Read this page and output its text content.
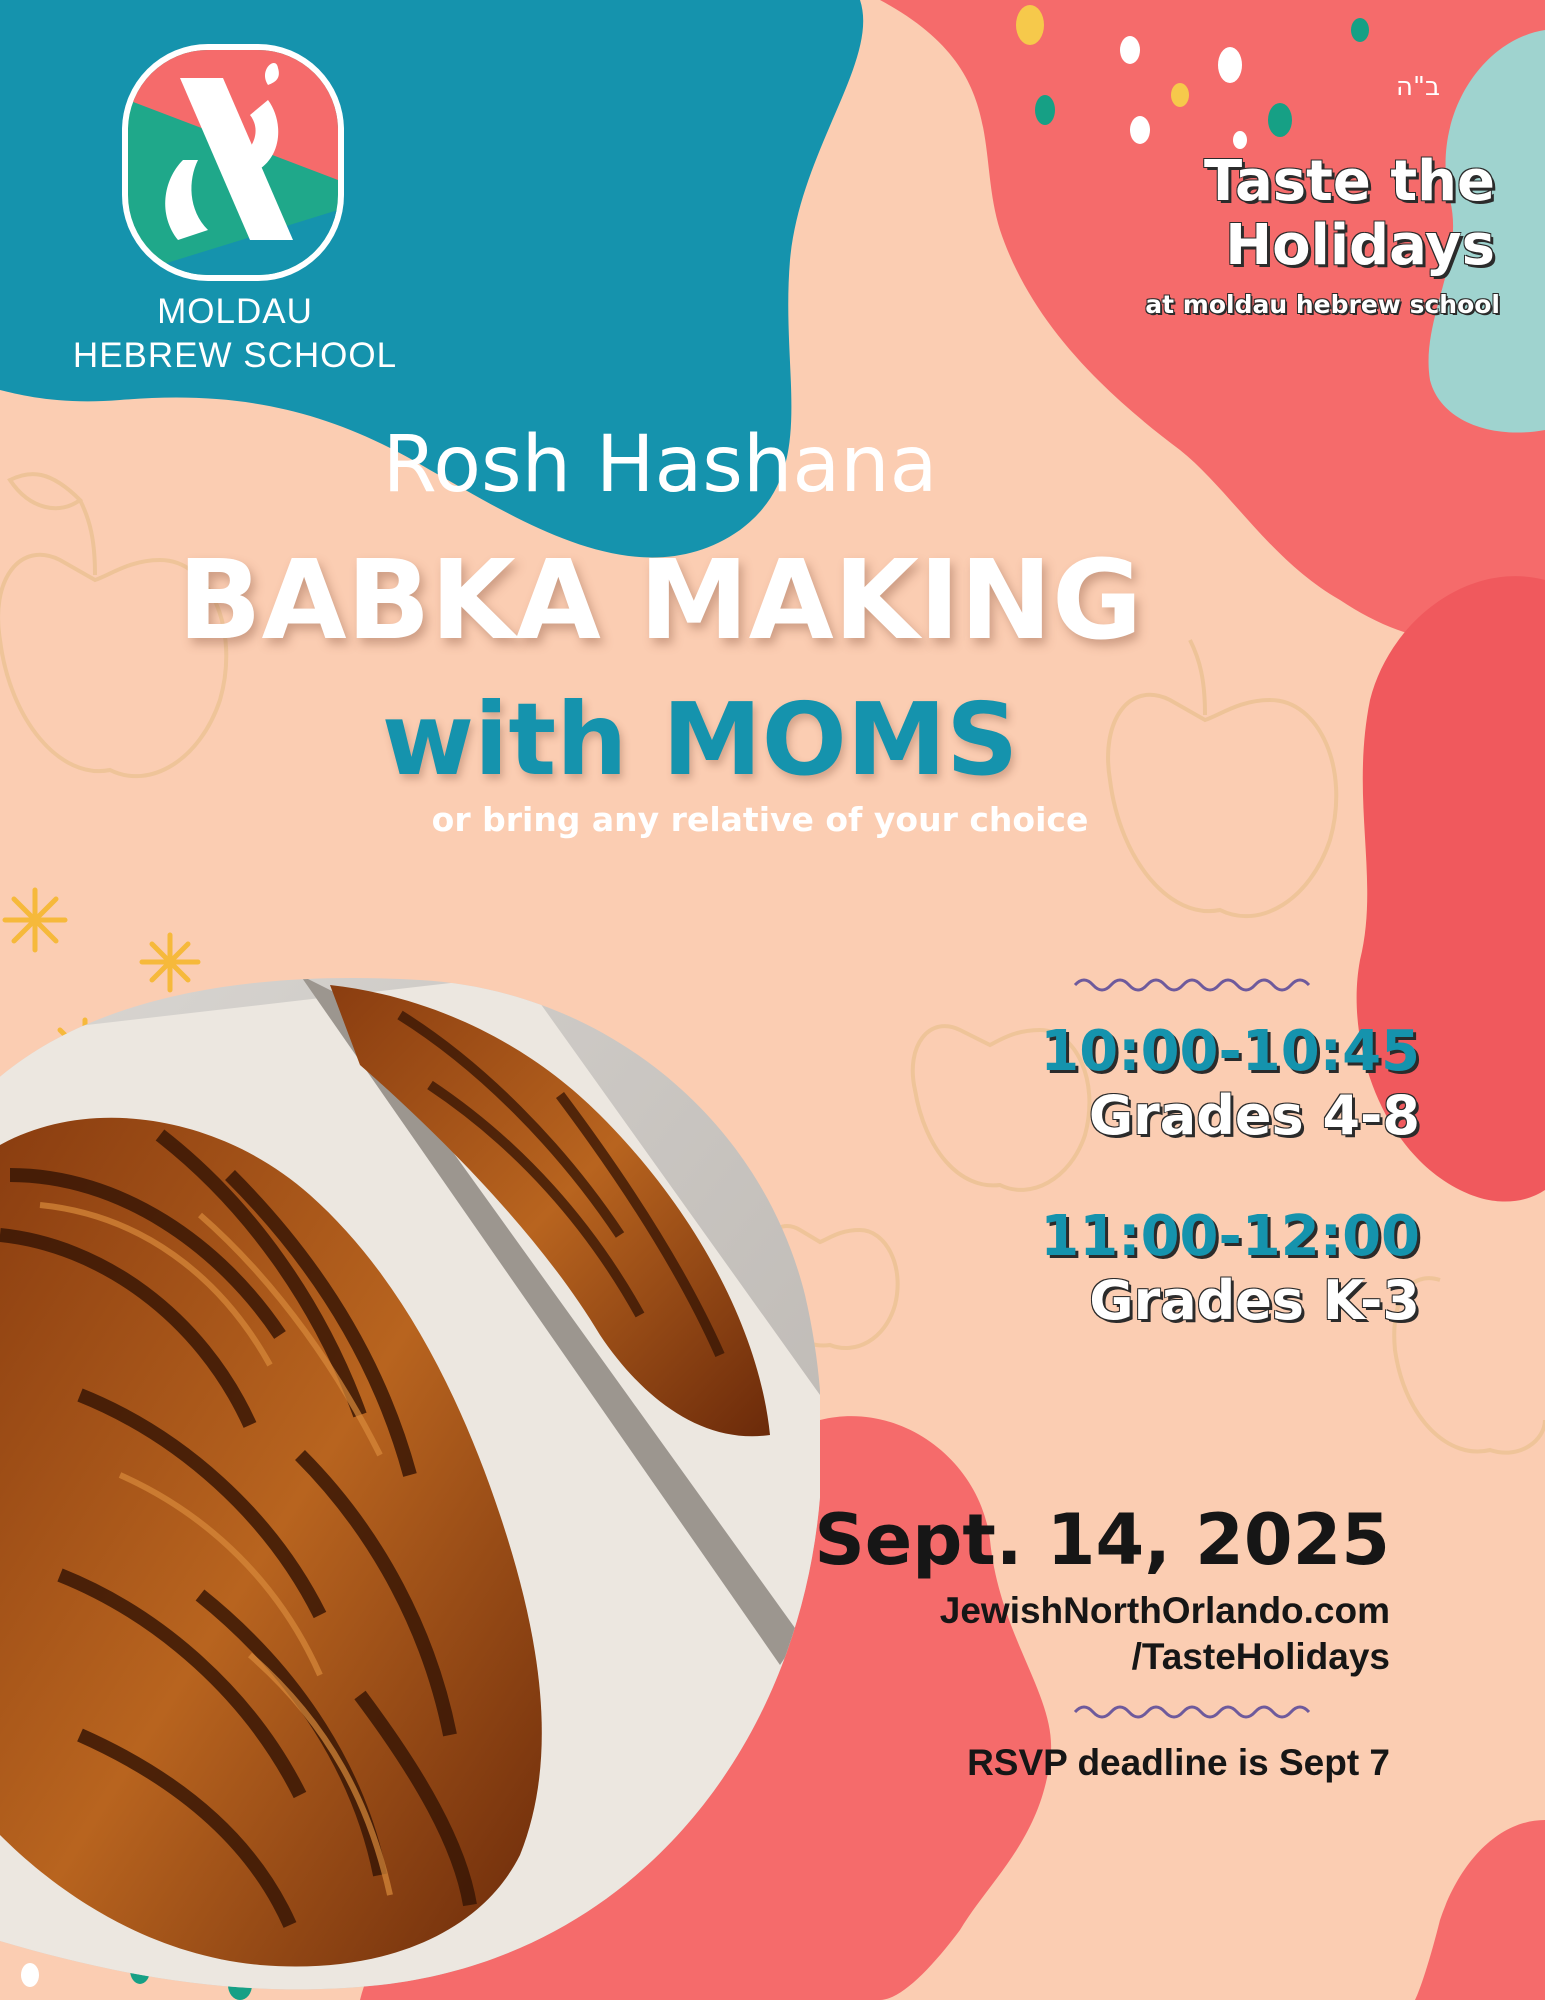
MOLDAU
HEBREW SCHOOL
ב"ה
Taste the
Holidays
at moldau hebrew school
Rosh Hashana
BABKA MAKING
with MOMS
or bring any relative of your choice
10:00-10:45
Grades 4-8
11:00-12:00
Grades K-3
Sept. 14, 2025
JewishNorthOrlando.com
/TasteHolidays
RSVP deadline is Sept 7
